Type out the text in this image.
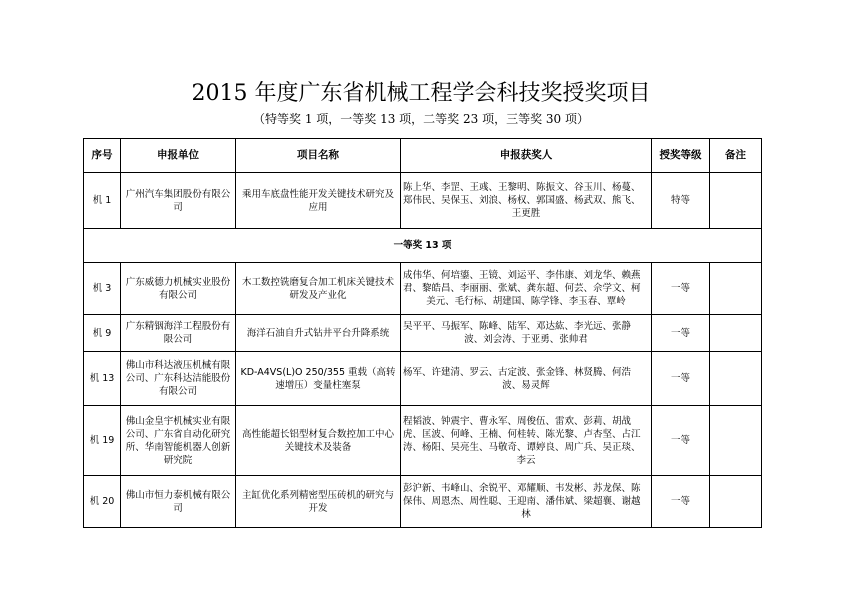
2015 年度广东省机械工程学会科技奖授奖项目
（特等奖 1 项，一等奖 13 项，二等奖 23 项，三等奖 30 项）
序号	申报单位	项目名称	申报获奖人	授奖等级	备注
机 1	广州汽车集团股份有限公司	乘用车底盘性能开发关键技术研究及应用	陈上华、李罡、王彧、王黎明、陈振文、谷玉川、杨蔓、郑伟民、吴保玉、刘浪、杨权、郭国盛、杨武双、熊飞、王更胜	特等	
一等奖 13 项					
机 3	广东威德力机械实业股份有限公司	木工数控铣磨复合加工机床关键技术研发及产业化	成伟华、何培鎏、王镜、刘运平、李伟康、刘龙华、赖燕君、黎皓昌、李丽丽、张斌、龚东超、何芸、佘学文、柯美元、毛行标、胡建国、陈学锋、李玉春、覃岭	一等	
机 9	广东精铟海洋工程股份有限公司	海洋石油自升式钻井平台升降系统	吴平平、马振军、陈峰、陆军、邓达紘、李光远、张静波、刘会涛、于亚勇、张帅君	一等	
机 13	佛山市科达液压机械有限公司、广东科达洁能股份有限公司	KD-A4VS(L)O 250/355 重载（高转速增压）变量柱塞泵	杨军、许建清、罗云、古定波、张金锋、林贤腾、何浩波、易灵辉	一等	
机 19	佛山金皇宇机械实业有限公司、广东省自动化研究所、华南智能机器人创新研究院	高性能超长铝型材复合数控加工中心关键技术及装备	程韬波、钟震宇、曹永军、周俊伍、雷欢、彭莉、胡战虎、匡波、何峰、王楠、何桂转、陈光黎、卢杏坚、占江涛、杨阳、吴亮生、马敬奇、谭婷良、周广兵、吴正琰、李云	一等	
机 20	佛山市恒力泰机械有限公司	主缸优化系列精密型压砖机的研究与开发	彭沪新、韦峰山、余锐平、邓耀顺、韦发彬、苏龙保、陈保伟、周恩杰、周性聪、王迎南、潘伟斌、梁超襄、谢越林	一等	
